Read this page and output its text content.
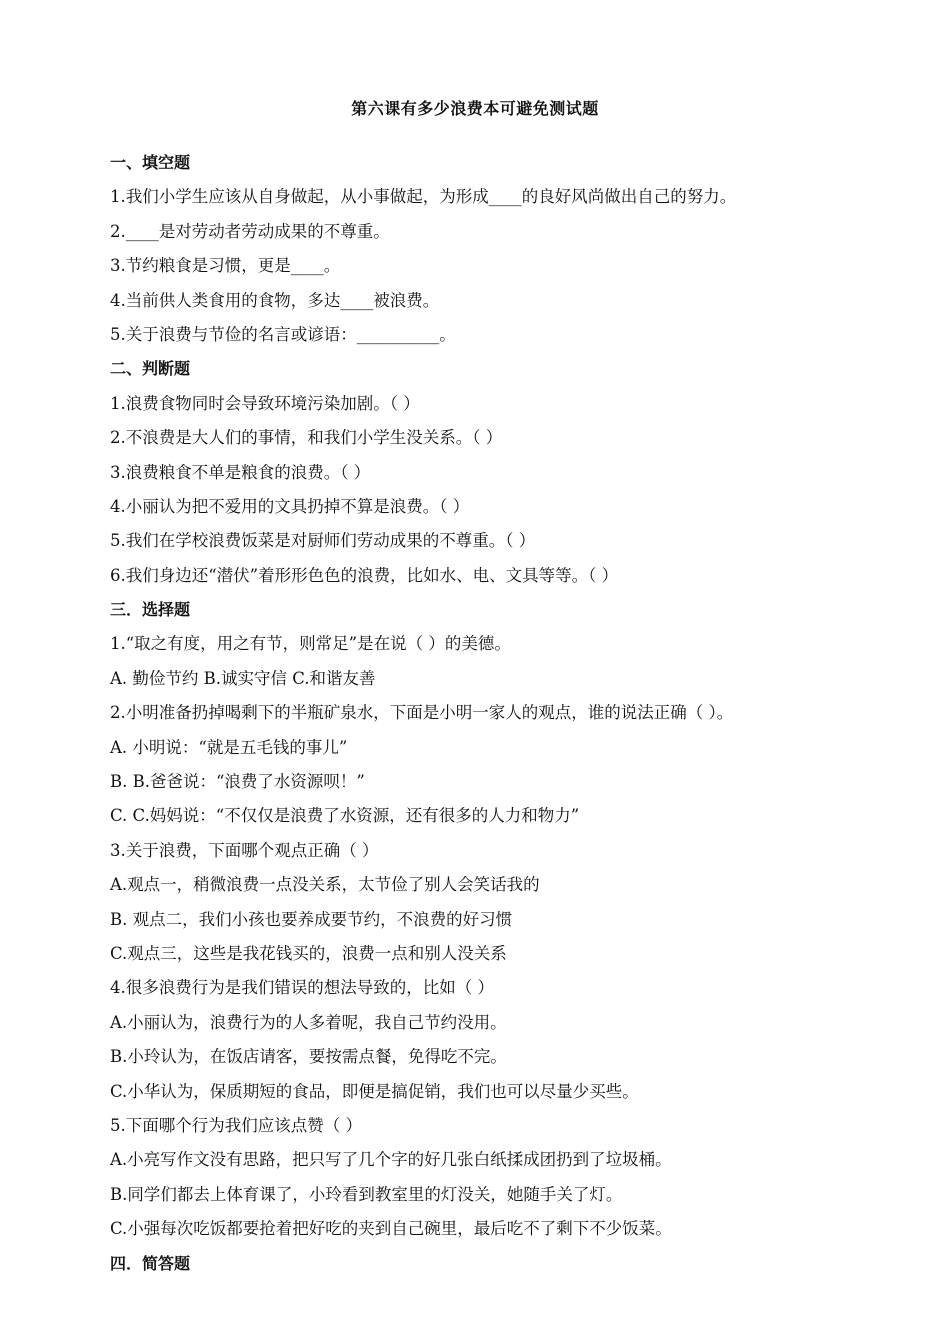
第六课有多少浪费本可避免测试题
一、填空题
1.我们小学生应该从自身做起，从小事做起，为形成____的良好风尚做出自己的努力。
2.____是对劳动者劳动成果的不尊重。
3.节约粮食是习惯，更是____。
4.当前供人类食用的食物，多达____被浪费。
5.关于浪费与节俭的名言或谚语：__________。
二、判断题
1.浪费食物同时会导致环境污染加剧。（ ）
2.不浪费是大人们的事情，和我们小学生没关系。（ ）
3.浪费粮食不单是粮食的浪费。（ ）
4.小丽认为把不爱用的文具扔掉不算是浪费。（ ）
5.我们在学校浪费饭菜是对厨师们劳动成果的不尊重。（ ）
6.我们身边还“潜伏”着形形色色的浪费，比如水、电、文具等等。（ ）
三．选择题
1.“取之有度，用之有节，则常足”是在说（ ）的美德。
A. 勤俭节约 B.诚实守信 C.和谐友善
2.小明准备扔掉喝剩下的半瓶矿泉水，下面是小明一家人的观点，谁的说法正确（ ）。
A. 小明说：“就是五毛钱的事儿”
B. B.爸爸说：“浪费了水资源呗！”
C. C.妈妈说：“不仅仅是浪费了水资源，还有很多的人力和物力”
3.关于浪费，下面哪个观点正确（ ）
A.观点一，稍微浪费一点没关系，太节俭了别人会笑话我的
B. 观点二，我们小孩也要养成要节约，不浪费的好习惯
C.观点三，这些是我花钱买的，浪费一点和别人没关系
4.很多浪费行为是我们错误的想法导致的，比如（ ）
A.小丽认为，浪费行为的人多着呢，我自己节约没用。
B.小玲认为，在饭店请客，要按需点餐，免得吃不完。
C.小华认为，保质期短的食品，即便是搞促销，我们也可以尽量少买些。
5.下面哪个行为我们应该点赞（ ）
A.小亮写作文没有思路，把只写了几个字的好几张白纸揉成团扔到了垃圾桶。
B.同学们都去上体育课了，小玲看到教室里的灯没关，她随手关了灯。
C.小强每次吃饭都要抢着把好吃的夹到自己碗里，最后吃不了剩下不少饭菜。
四．简答题
